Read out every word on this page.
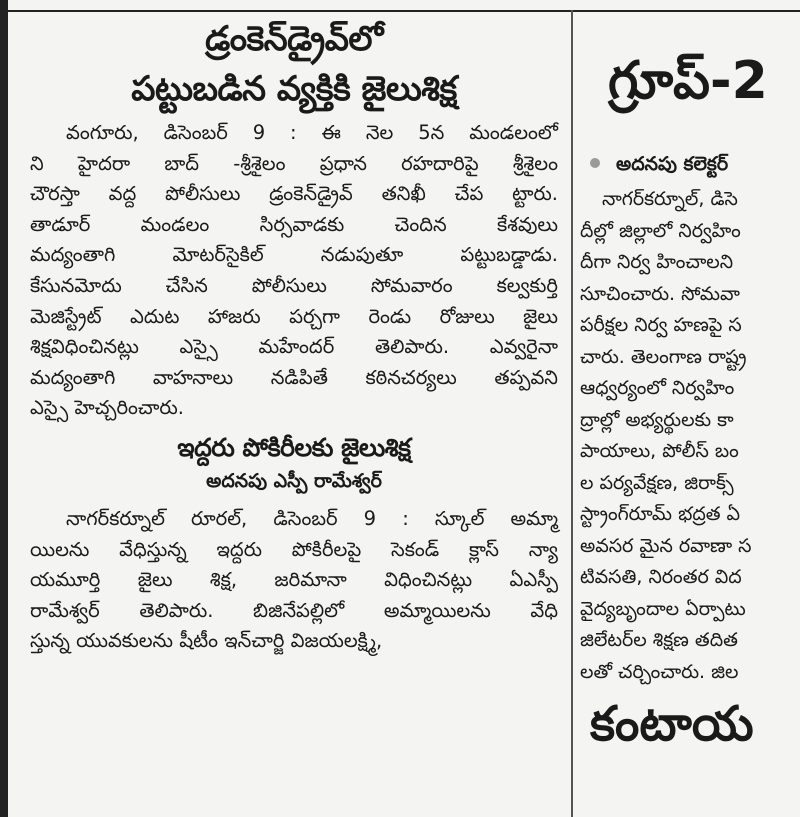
డ్రంకెన్‌డ్రైవ్‌లో
పట్టుబడిన వ్యక్తికి జైలుశిక్ష

వంగూరు, డిసెంబర్ 9 : ఈ నెల 5న మండలంలో

ని హైదరా బాద్ -శ్రీశైలం ప్రధాన రహదారిపై శ్రీశైలం

చౌరస్తా వద్ద పోలీసులు డ్రంకెన్‌డ్రైవ్ తనిఖీ చేప ట్టారు.

తాడూర్ మండలం సిర్సవాడకు చెందిన కేశవులు

మద్యంతాగి మోటర్‌సైకిల్ నడుపుతూ పట్టుబడ్డాడు.

కేసునమోదు చేసిన పోలీసులు సోమవారం కల్వకుర్తి

మెజిస్ట్రేట్ ఎదుట హాజరు పర్చగా రెండు రోజులు జైలు

శిక్షవిధించినట్లు ఎస్సై మహేందర్ తెలిపారు. ఎవ్వరైనా

మద్యంతాగి వాహనాలు నడిపితే కఠినచర్యలు తప్పవని

ఎస్సై హెచ్చరించారు.

ఇద్దరు పోకిరీలకు జైలుశిక్ష

అదనపు ఎస్పీ రామేశ్వర్

నాగర్‌కర్నూల్ రూరల్, డిసెంబర్ 9 : స్కూల్ అమ్మా

యిలను వేధిస్తున్న ఇద్దరు పోకిరీలపై సెకండ్ క్లాస్ న్యా

యమూర్తి జైలు శిక్ష, జరిమానా విధించినట్లు ఏఎస్పీ

రామేశ్వర్ తెలిపారు. బిజినేపల్లిలో అమ్మాయిలను వేధి

స్తున్న యువకులను షీటీం ఇన్‌చార్జి విజయలక్ష్మి,

గ్రూప్-2
అదనపు కలెక్టర్

నాగర్‌కర్నూల్, డిసె

దీల్లో జిల్లాలో నిర్వహిం

దీగా నిర్వ హించాలని

సూచించారు. సోమవా

పరీక్షల నిర్వ హణపై స

చారు. తెలంగాణ రాష్ట్ర

ఆధ్వర్యంలో నిర్వహిం

ద్రాల్లో అభ్యర్థులకు కా

పాయాలు, పోలీస్ బం

ల పర్యవేక్షణ, జిరాక్స్

స్ట్రాంగ్‌రూమ్ భద్రత ఏ

అవసర మైన రవాణా స

టివసతి, నిరంతర విద

వైద్యబృందాల ఏర్పాటు

జిలేటర్‌ల శిక్షణ తదిత

లతో చర్చించారు. జిల

కంటాయ
